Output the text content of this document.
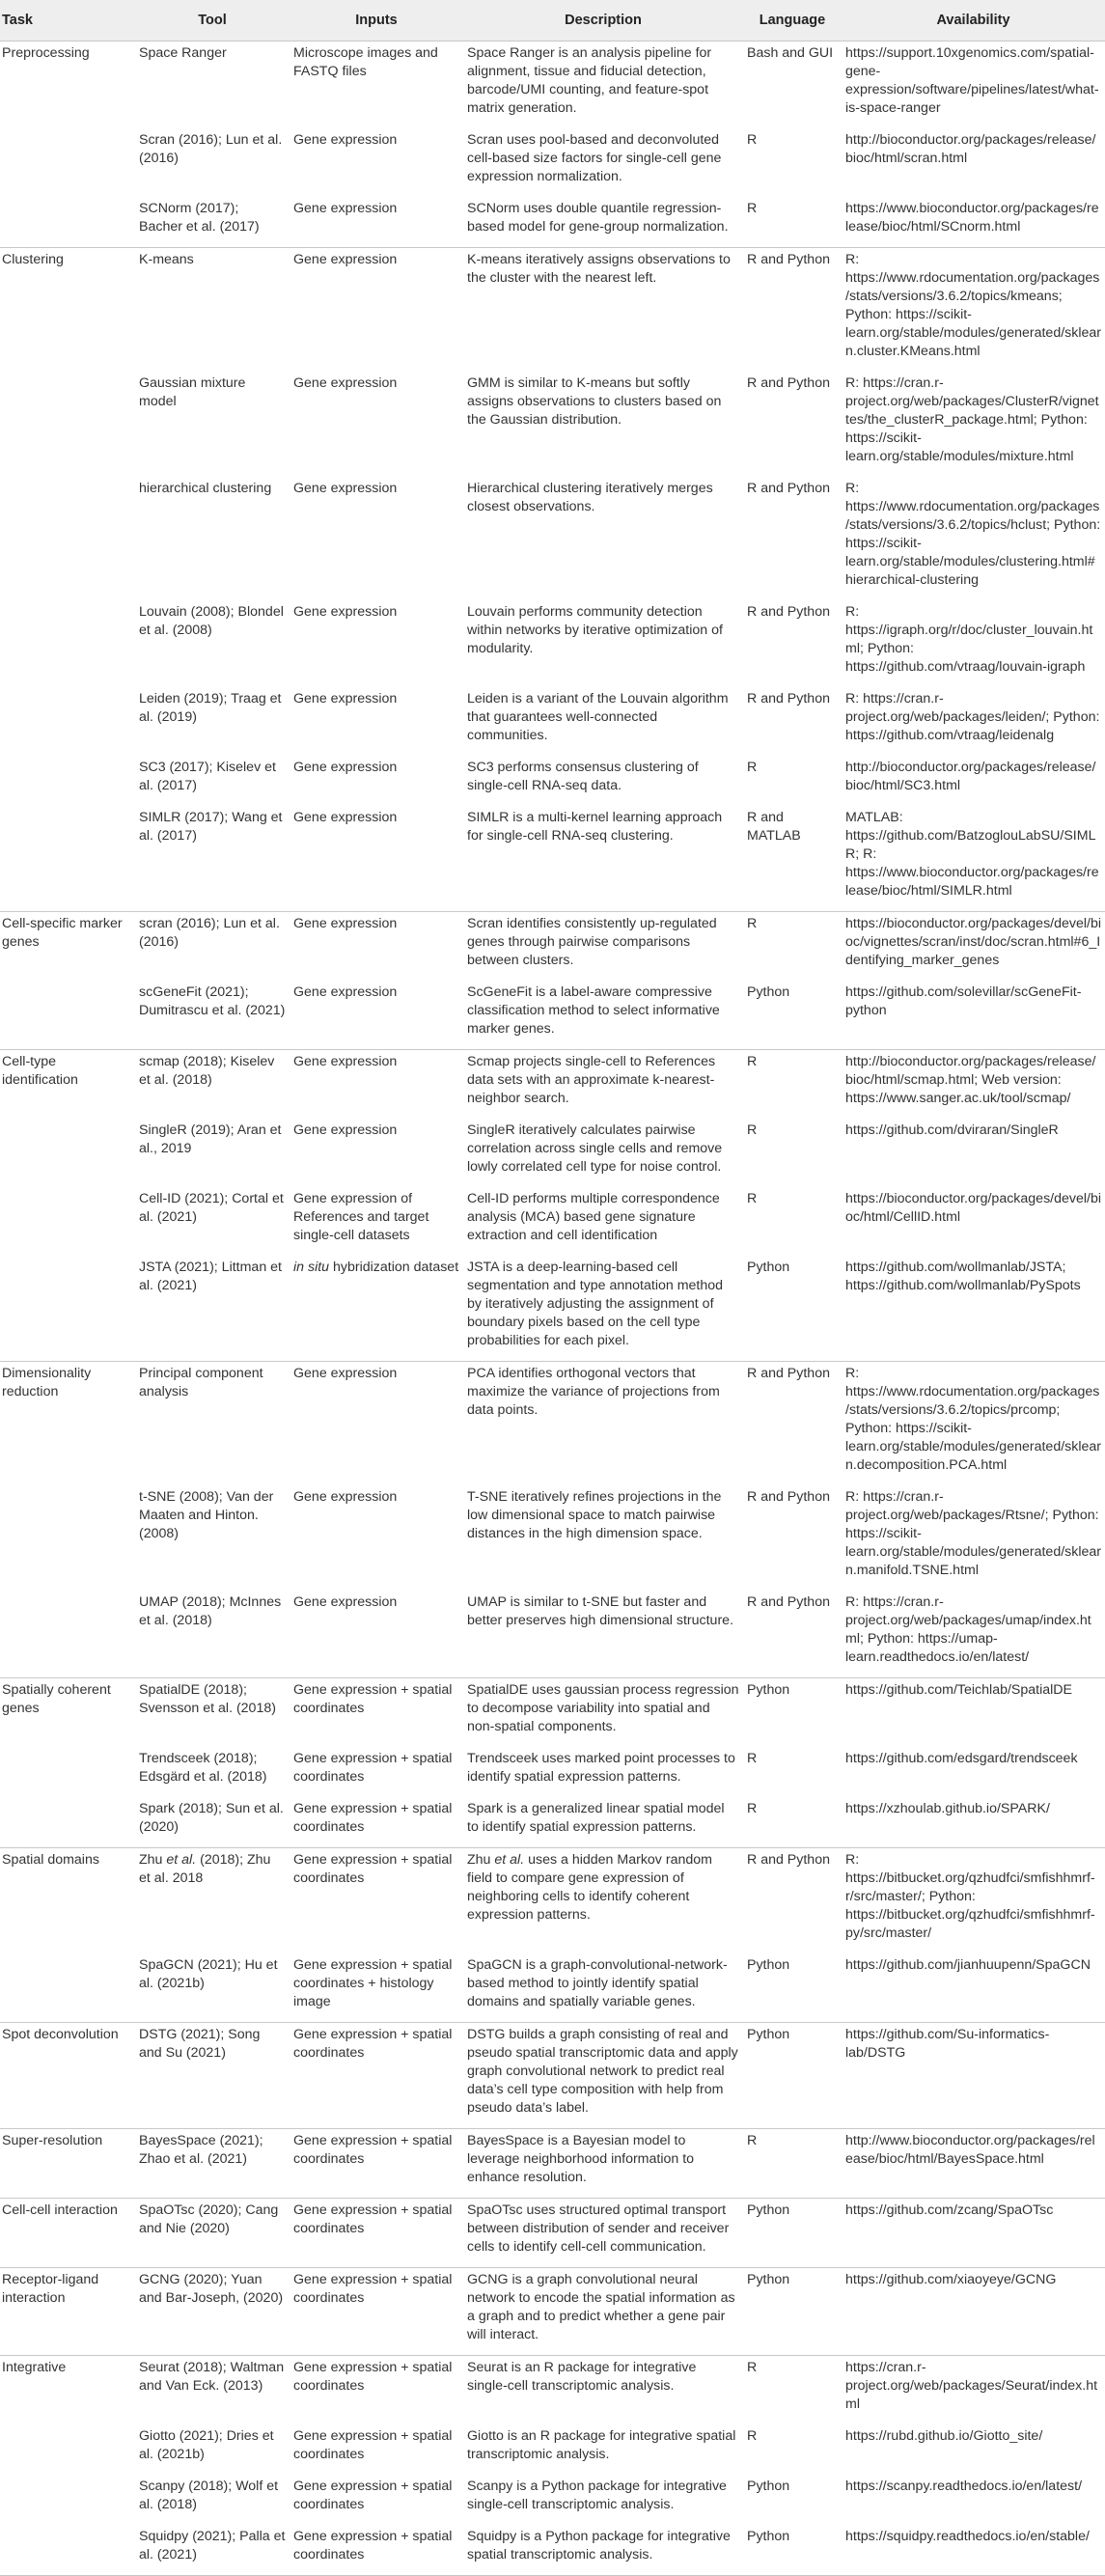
Task	Tool	Inputs	Description	Language	Availability
Preprocessing	Space Ranger	Microscope images and FASTQ files	Space Ranger is an analysis pipeline for alignment, tissue and fiducial detection, barcode/UMI counting, and feature-spot matrix generation.	Bash and GUI	https://support.10xgenomics.com/spatial-gene-expression/software/pipelines/latest/what-is-space-ranger
	Scran (2016); Lun et al. (2016)	Gene expression	Scran uses pool-based and deconvoluted cell-based size factors for single-cell gene expression normalization.	R	http://bioconductor.org/packages/release/bioc/html/scran.html
	SCNorm (2017); Bacher et al. (2017)	Gene expression	SCNorm uses double quantile regression-based model for gene-group normalization.	R	https://www.bioconductor.org/packages/release/bioc/html/SCnorm.html
Clustering	K-means	Gene expression	K-means iteratively assigns observations to the cluster with the nearest left.	R and Python	R: https://www.rdocumentation.org/packages/stats/versions/3.6.2/topics/kmeans; Python: https://scikit-learn.org/stable/modules/generated/sklearn.cluster.KMeans.html
	Gaussian mixture model	Gene expression	GMM is similar to K-means but softly assigns observations to clusters based on the Gaussian distribution.	R and Python	R: https://cran.r-project.org/web/packages/ClusterR/vignettes/the_clusterR_package.html; Python: https://scikit-learn.org/stable/modules/mixture.html
	hierarchical clustering	Gene expression	Hierarchical clustering iteratively merges closest observations.	R and Python	R: https://www.rdocumentation.org/packages/stats/versions/3.6.2/topics/hclust; Python: https://scikit-learn.org/stable/modules/clustering.html#hierarchical-clustering
	Louvain (2008); Blondel et al. (2008)	Gene expression	Louvain performs community detection within networks by iterative optimization of modularity.	R and Python	R: https://igraph.org/r/doc/cluster_louvain.html; Python: https://github.com/vtraag/louvain-igraph
	Leiden (2019); Traag et al. (2019)	Gene expression	Leiden is a variant of the Louvain algorithm that guarantees well-connected communities.	R and Python	R: https://cran.r-project.org/web/packages/leiden/; Python: https://github.com/vtraag/leidenalg
	SC3 (2017); Kiselev et al. (2017)	Gene expression	SC3 performs consensus clustering of single-cell RNA-seq data.	R	http://bioconductor.org/packages/release/bioc/html/SC3.html
	SIMLR (2017); Wang et al. (2017)	Gene expression	SIMLR is a multi-kernel learning approach for single-cell RNA-seq clustering.	R and MATLAB	MATLAB: https://github.com/BatzoglouLabSU/SIMLR; R: https://www.bioconductor.org/packages/release/bioc/html/SIMLR.html
Cell-specific marker genes	scran (2016); Lun et al. (2016)	Gene expression	Scran identifies consistently up-regulated genes through pairwise comparisons between clusters.	R	https://bioconductor.org/packages/devel/bioc/vignettes/scran/inst/doc/scran.html#6_Identifying_marker_genes
	scGeneFit (2021); Dumitrascu et al. (2021)	Gene expression	ScGeneFit is a label-aware compressive classification method to select informative marker genes.	Python	https://github.com/solevillar/scGeneFit-python
Cell-type identification	scmap (2018); Kiselev et al. (2018)	Gene expression	Scmap projects single-cell to References data sets with an approximate k-nearest-neighbor search.	R	http://bioconductor.org/packages/release/bioc/html/scmap.html; Web version: https://www.sanger.ac.uk/tool/scmap/
	SingleR (2019); Aran et al., 2019	Gene expression	SingleR iteratively calculates pairwise correlation across single cells and remove lowly correlated cell type for noise control.	R	https://github.com/dviraran/SingleR
	Cell-ID (2021); Cortal et al. (2021)	Gene expression of References and target single-cell datasets	Cell-ID performs multiple correspondence analysis (MCA) based gene signature extraction and cell identification	R	https://bioconductor.org/packages/devel/bioc/html/CellID.html
	JSTA (2021); Littman et al. (2021)	in situ hybridization dataset	JSTA is a deep-learning-based cell segmentation and type annotation method by iteratively adjusting the assignment of boundary pixels based on the cell type probabilities for each pixel.	Python	https://github.com/wollmanlab/JSTA; https://github.com/wollmanlab/PySpots
Dimensionality reduction	Principal component analysis	Gene expression	PCA identifies orthogonal vectors that maximize the variance of projections from data points.	R and Python	R: https://www.rdocumentation.org/packages/stats/versions/3.6.2/topics/prcomp; Python: https://scikit-learn.org/stable/modules/generated/sklearn.decomposition.PCA.html
	t-SNE (2008); Van der Maaten and Hinton. (2008)	Gene expression	T-SNE iteratively refines projections in the low dimensional space to match pairwise distances in the high dimension space.	R and Python	R: https://cran.r-project.org/web/packages/Rtsne/; Python: https://scikit-learn.org/stable/modules/generated/sklearn.manifold.TSNE.html
	UMAP (2018); McInnes et al. (2018)	Gene expression	UMAP is similar to t-SNE but faster and better preserves high dimensional structure.	R and Python	R: https://cran.r-project.org/web/packages/umap/index.html; Python: https://umap-learn.readthedocs.io/en/latest/
Spatially coherent genes	SpatialDE (2018); Svensson et al. (2018)	Gene expression + spatial coordinates	SpatialDE uses gaussian process regression to decompose variability into spatial and non-spatial components.	Python	https://github.com/Teichlab/SpatialDE
	Trendsceek (2018); Edsgärd et al. (2018)	Gene expression + spatial coordinates	Trendsceek uses marked point processes to identify spatial expression patterns.	R	https://github.com/edsgard/trendsceek
	Spark (2018); Sun et al. (2020)	Gene expression + spatial coordinates	Spark is a generalized linear spatial model to identify spatial expression patterns.	R	https://xzhoulab.github.io/SPARK/
Spatial domains	Zhu et al. (2018); Zhu et al. 2018	Gene expression + spatial coordinates	Zhu et al. uses a hidden Markov random field to compare gene expression of neighboring cells to identify coherent expression patterns.	R and Python	R: https://bitbucket.org/qzhudfci/smfishhmrf-r/src/master/; Python: https://bitbucket.org/qzhudfci/smfishhmrf-py/src/master/
	SpaGCN (2021); Hu et al. (2021b)	Gene expression + spatial coordinates + histology image	SpaGCN is a graph-convolutional-network-based method to jointly identify spatial domains and spatially variable genes.	Python	https://github.com/jianhuupenn/SpaGCN
Spot deconvolution	DSTG (2021); Song and Su (2021)	Gene expression + spatial coordinates	DSTG builds a graph consisting of real and pseudo spatial transcriptomic data and apply graph convolutional network to predict real data’s cell type composition with help from pseudo data’s label.	Python	https://github.com/Su-informatics-lab/DSTG
Super-resolution	BayesSpace (2021); Zhao et al. (2021)	Gene expression + spatial coordinates	BayesSpace is a Bayesian model to leverage neighborhood information to enhance resolution.	R	http://www.bioconductor.org/packages/release/bioc/html/BayesSpace.html
Cell-cell interaction	SpaOTsc (2020); Cang and Nie (2020)	Gene expression + spatial coordinates	SpaOTsc uses structured optimal transport between distribution of sender and receiver cells to identify cell-cell communication.	Python	https://github.com/zcang/SpaOTsc
Receptor-ligand interaction	GCNG (2020); Yuan and Bar-Joseph, (2020)	Gene expression + spatial coordinates	GCNG is a graph convolutional neural network to encode the spatial information as a graph and to predict whether a gene pair will interact.	Python	https://github.com/xiaoyeye/GCNG
Integrative	Seurat (2018); Waltman and Van Eck. (2013)	Gene expression + spatial coordinates	Seurat is an R package for integrative single-cell transcriptomic analysis.	R	https://cran.r-project.org/web/packages/Seurat/index.html
	Giotto (2021); Dries et al. (2021b)	Gene expression + spatial coordinates	Giotto is an R package for integrative spatial transcriptomic analysis.	R	https://rubd.github.io/Giotto_site/
	Scanpy (2018); Wolf et al. (2018)	Gene expression + spatial coordinates	Scanpy is a Python package for integrative single-cell transcriptomic analysis.	Python	https://scanpy.readthedocs.io/en/latest/
	Squidpy (2021); Palla et al. (2021)	Gene expression + spatial coordinates	Squidpy is a Python package for integrative spatial transcriptomic analysis.	Python	https://squidpy.readthedocs.io/en/stable/
